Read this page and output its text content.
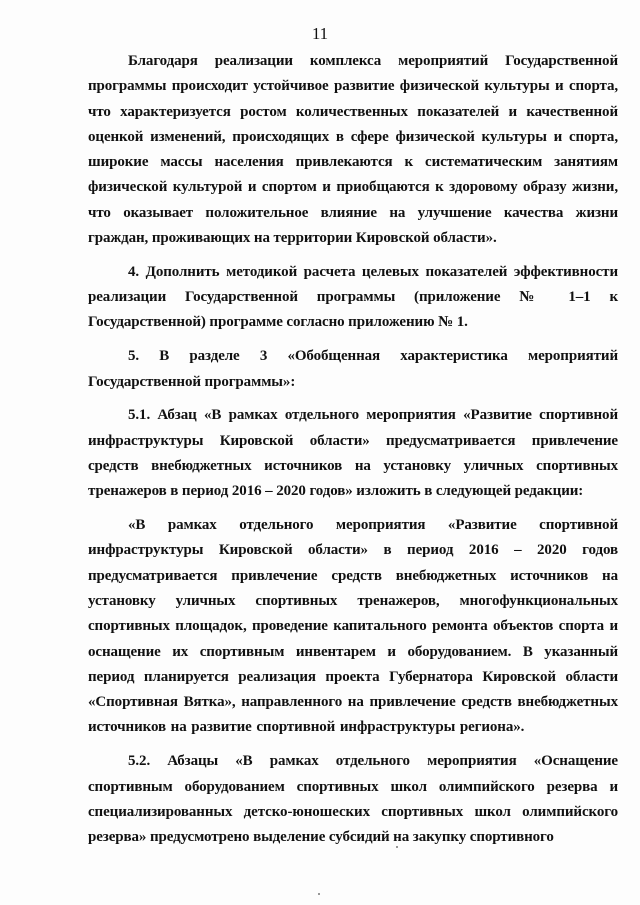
11

Благодаря реализации комплекса мероприятий Государственной программы происходит устойчивое развитие физической культуры и спорта, что характеризуется ростом количественных показателей и качественной оценкой изменений, происходящих в сфере физической культуры и спорта, широкие массы населения привлекаются к систематическим занятиям физической культурой и спортом и приобщаются к здоровому образу жизни, что оказывает положительное влияние на улучшение качества жизни граждан, проживающих на территории Кировской области».

4. Дополнить методикой расчета целевых показателей эффективности реализации Государственной программы (приложение № 1–1 к Государственной) программе согласно приложению № 1.

5. В разделе 3 «Обобщенная характеристика мероприятий Государственной программы»:

5.1. Абзац «В рамках отдельного мероприятия «Развитие спортивной инфраструктуры Кировской области» предусматривается привлечение средств внебюджетных источников на установку уличных спортивных тренажеров в период 2016 – 2020 годов» изложить в следующей редакции:

«В рамках отдельного мероприятия «Развитие спортивной инфраструктуры Кировской области» в период 2016 – 2020 годов предусматривается привлечение средств внебюджетных источников на установку уличных спортивных тренажеров, многофункциональных спортивных площадок, проведение капитального ремонта объектов спорта и оснащение их спортивным инвентарем и оборудованием. В указанный период планируется реализация проекта Губернатора Кировской области «Спортивная Вятка», направленного на привлечение средств внебюджетных источников на развитие спортивной инфраструктуры региона».

5.2. Абзацы «В рамках отдельного мероприятия «Оснащение спортивным оборудованием спортивных школ олимпийского резерва и специализированных детско-юношеских спортивных школ олимпийского резерва» предусмотрено выделение субсидий на закупку спортивного
